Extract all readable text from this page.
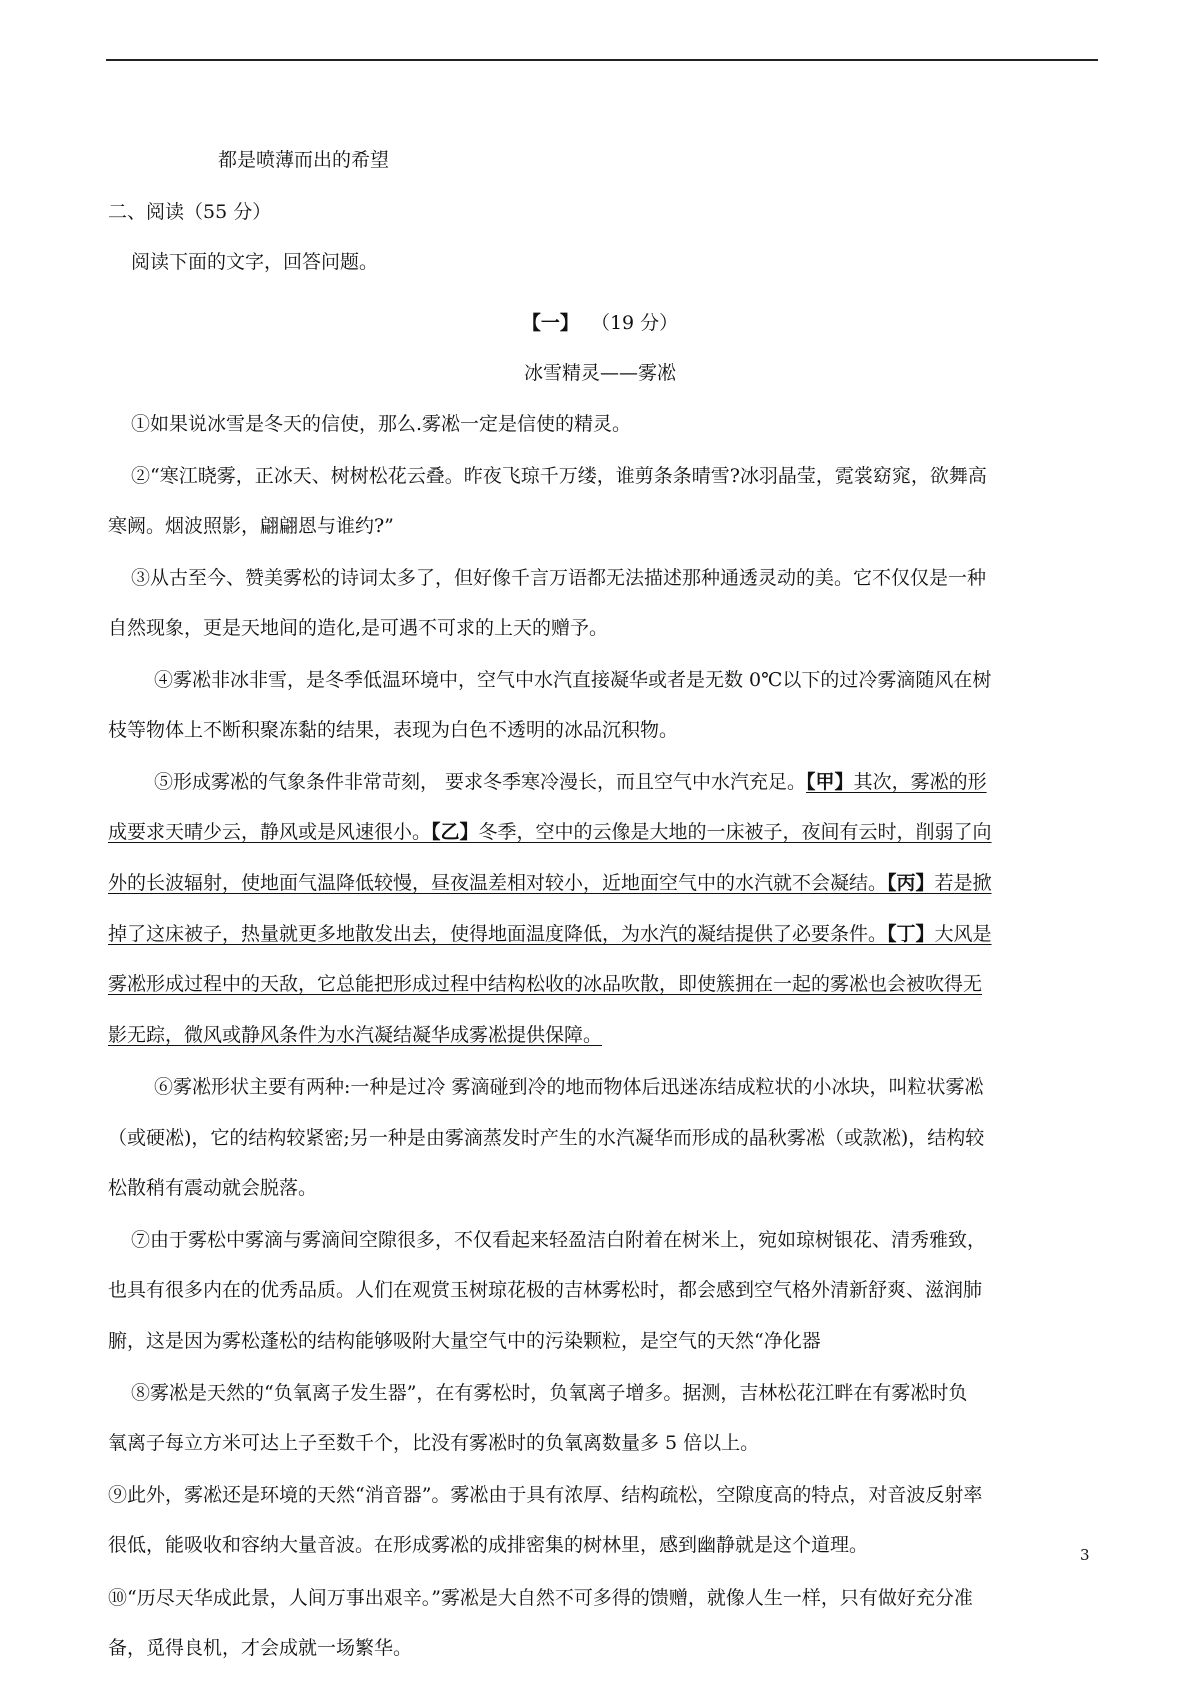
都是喷薄而出的希望
二、阅读（55 分）
阅读下面的文字，回答问题。
【一】 （19 分）
冰雪精灵——雾凇
①如果说冰雪是冬天的信使，那么.雾凇一定是信使的精灵。
②“寒江晓雾，正冰天、树树松花云叠。昨夜飞琼千万缕，谁剪条条晴雪?冰羽晶莹，霓裳窈窕，欲舞高
寒阙。烟波照影，翩翩恩与谁约?”
③从古至今、赞美雾松的诗词太多了，但好像千言万语都无法描述那种通透灵动的美。它不仅仅是一种
自然现象，更是天地间的造化,是可遇不可求的上天的赠予。
④雾凇非冰非雪，是冬季低温环境中，空气中水汽直接凝华或者是无数 0℃以下的过冷雾滴随风在树
枝等物体上不断积聚冻黏的结果，表现为白色不透明的冰品沉积物。
⑤形成雾凇的气象条件非常苛刻， 要求冬季寒冷漫长，而且空气中水汽充足。【甲】其次，雾凇的形
成要求天晴少云，静风或是风速很小。【乙】冬季，空中的云像是大地的一床被子，夜间有云时，削弱了向
外的长波辐射，使地面气温降低较慢，昼夜温差相对较小，近地面空气中的水汽就不会凝结。【丙】若是掀
掉了这床被子，热量就更多地散发出去，使得地面温度降低，为水汽的凝结提供了必要条件。【丁】大风是
雾凇形成过程中的天敌，它总能把形成过程中结构松收的冰品吹散，即使簇拥在一起的雾凇也会被吹得无
影无踪，微风或静风条件为水汽凝结凝华成雾凇提供保障。
⑥雾凇形状主要有两种:一种是过冷 雾滴碰到冷的地而物体后迅迷冻结成粒状的小冰块，叫粒状雾凇
（或硬凇)，它的结构较紧密;另一种是由雾滴蒸发时产生的水汽凝华而形成的晶秋雾凇（或款凇)，结构较
松散稍有震动就会脱落。
⑦由于雾松中雾滴与雾滴间空隙很多，不仅看起来轻盈洁白附着在树米上，宛如琼树银花、清秀雅致，
也具有很多内在的优秀品质。人们在观赏玉树琼花极的吉林雾松时，都会感到空气格外清新舒爽、滋润肺
腑，这是因为雾松蓬松的结构能够吸附大量空气中的污染颗粒，是空气的天然“净化器
⑧雾凇是天然的“负氧离子发生器”，在有雾松时，负氧离子增多。据测，吉林松花江畔在有雾凇时负
氧离子每立方米可达上子至数千个，比没有雾凇时的负氧离数量多 5 倍以上。
⑨此外，雾凇还是环境的天然“消音器”。雾凇由于具有浓厚、结构疏松，空隙度高的特点，对音波反射率
很低，能吸收和容纳大量音波。在形成雾凇的成排密集的树林里，感到幽静就是这个道理。
⑩“历尽天华成此景，人间万事出艰辛。”雾凇是大自然不可多得的馈赠，就像人生一样，只有做好充分准
备，觅得良机，才会成就一场繁华。
3
